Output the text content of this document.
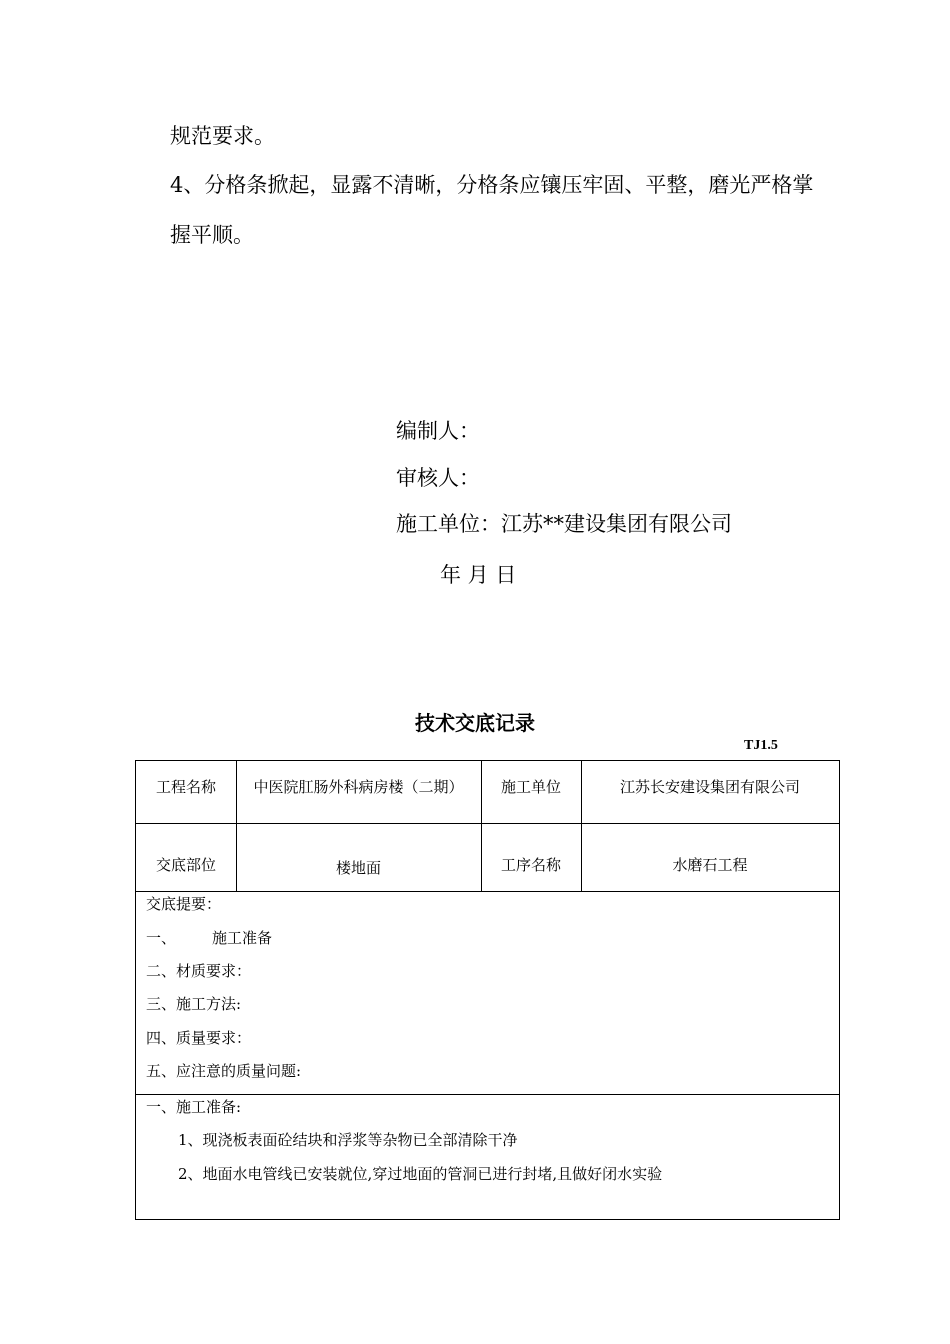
规范要求。
4、分格条掀起，显露不清晰，分格条应镶压牢固、平整，磨光严格掌
握平顺。
编制人：
审核人：
施工单位：江苏**建设集团有限公司
年 月 日
技术交底记录
TJ1.5
工程名称	中医院肛肠外科病房楼（二期）	施工单位	江苏长安建设集团有限公司
交底部位	楼地面	工序名称	水磨石工程
交底提要：
一、 施工准备
二、材质要求：
三、施工方法:
四、质量要求：
五、应注意的质量问题:
一、施工准备:
1、现浇板表面砼结块和浮浆等杂物已全部清除干净
2、地面水电管线已安装就位,穿过地面的管洞已进行封堵,且做好闭水实验
